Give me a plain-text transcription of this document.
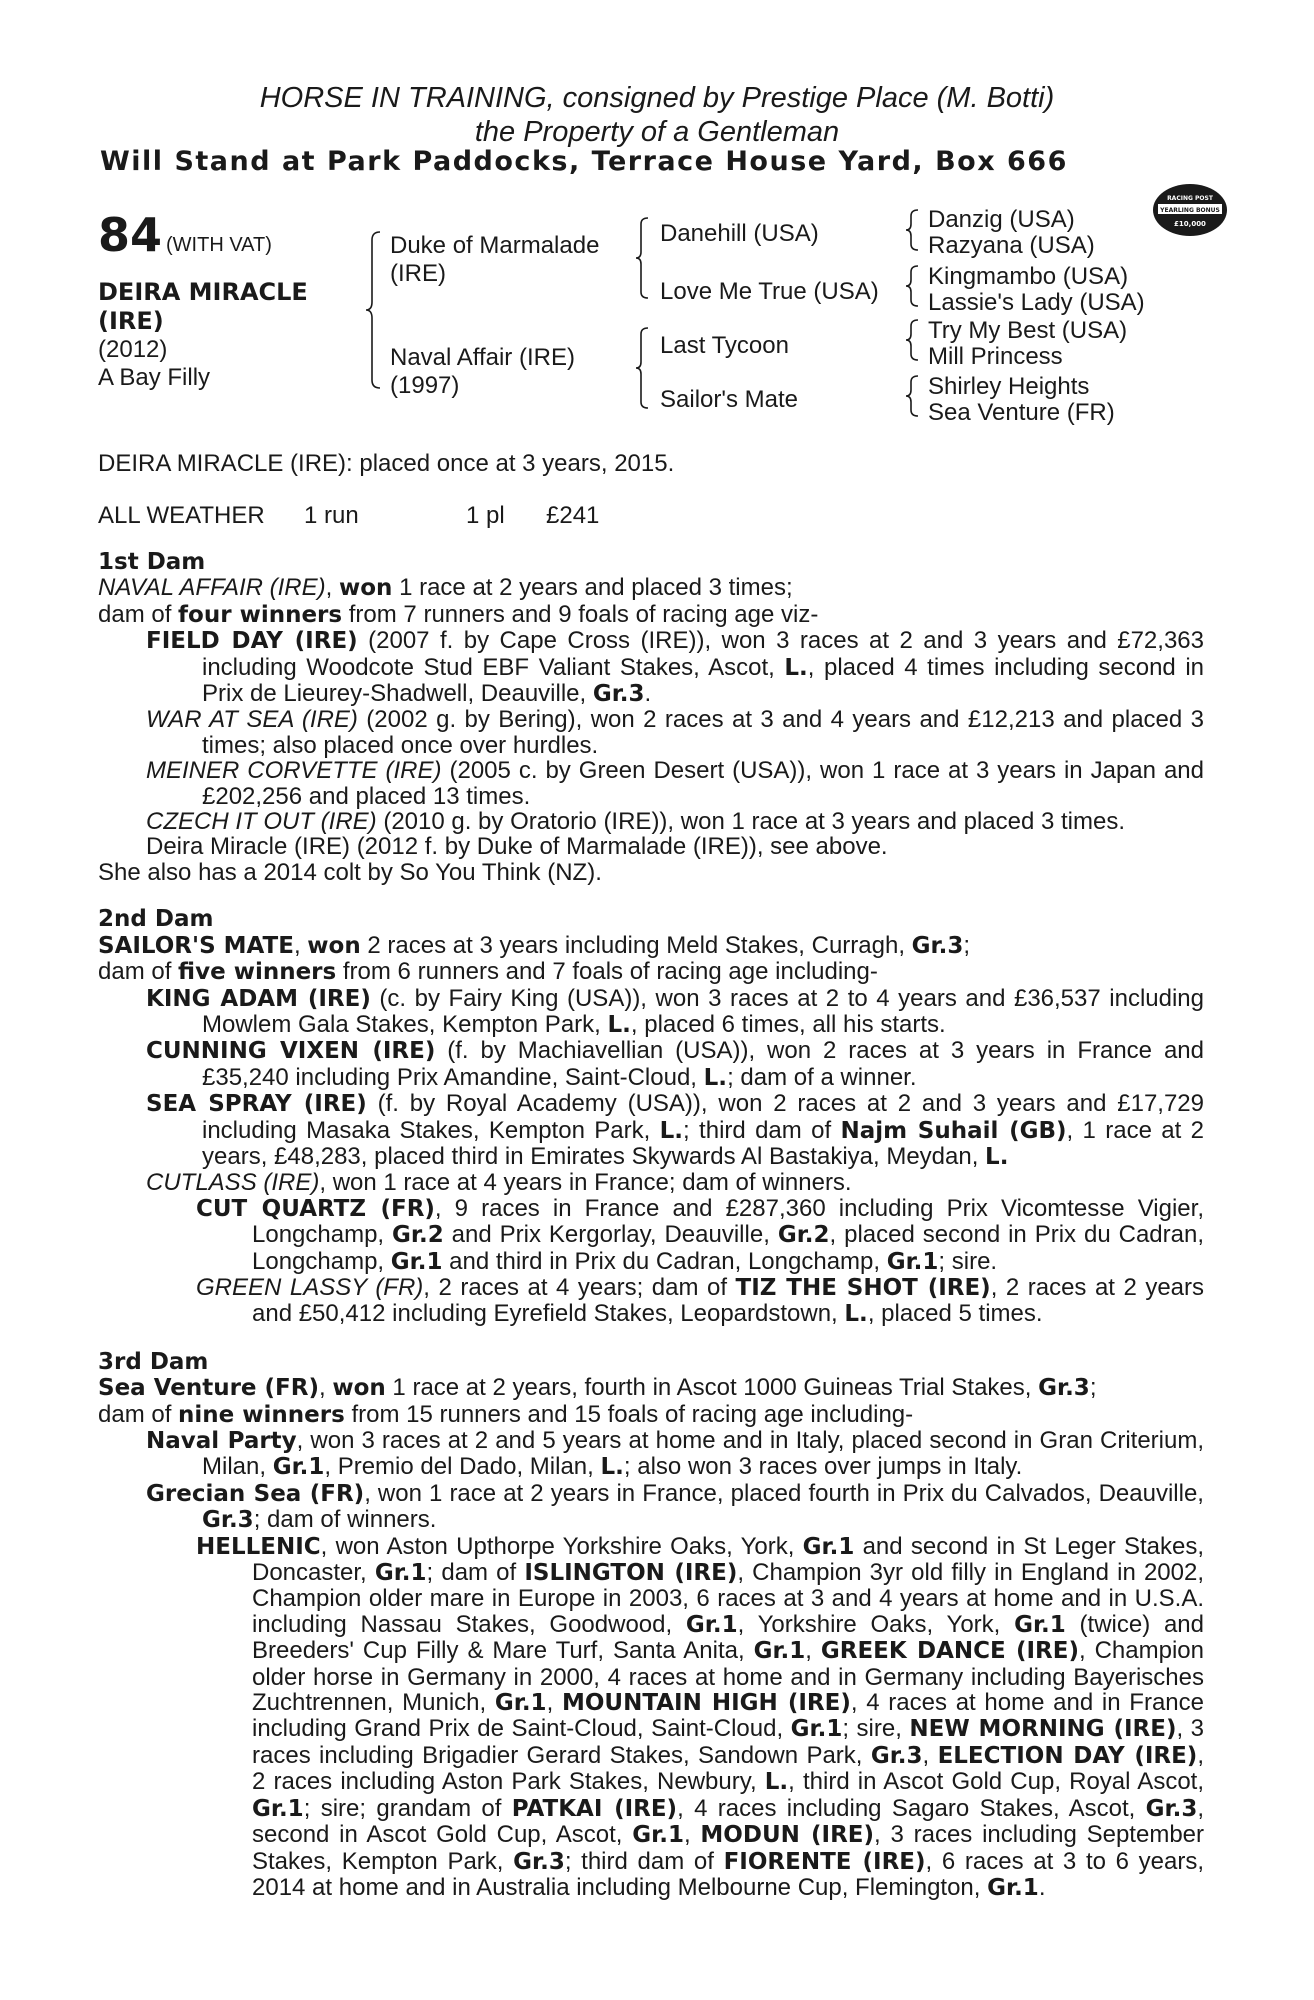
HORSE IN TRAINING, consigned by Prestige Place (M. Botti)
the Property of a Gentleman
Will Stand at Park Paddocks, Terrace House Yard, Box 666
RACING POST
YEARLING BONUS
£10,000
84 (WITH VAT)
DEIRA MIRACLE
(IRE)
(2012)
A Bay Filly
Duke of Marmalade
(IRE)
Naval Affair (IRE)
(1997)
Danehill (USA)
Love Me True (USA)
Last Tycoon
Sailor's Mate
Danzig (USA)
Razyana (USA)
Kingmambo (USA)
Lassie's Lady (USA)
Try My Best (USA)
Mill Princess
Shirley Heights
Sea Venture (FR)
DEIRA MIRACLE (IRE): placed once at 3 years, 2015.
ALL WEATHER 1 run	1 pl £241

1st Dam

NAVAL AFFAIR (IRE), won 1 race at 2 years and placed 3 times;

dam of four winners from 7 runners and 9 foals of racing age viz-

FIELD DAY (IRE) (2007 f. by Cape Cross (IRE)), won 3 races at 2 and 3 years and £72,363 including Woodcote Stud EBF Valiant Stakes, Ascot, L., placed 4 times including second in Prix de Lieurey-Shadwell, Deauville, Gr.3.

WAR AT SEA (IRE) (2002 g. by Bering), won 2 races at 3 and 4 years and £12,213 and placed 3 times; also placed once over hurdles.

MEINER CORVETTE (IRE) (2005 c. by Green Desert (USA)), won 1 race at 3 years in Japan and £202,256 and placed 13 times.

CZECH IT OUT (IRE) (2010 g. by Oratorio (IRE)), won 1 race at 3 years and placed 3 times.

Deira Miracle (IRE) (2012 f. by Duke of Marmalade (IRE)), see above.

She also has a 2014 colt by So You Think (NZ).

2nd Dam

SAILOR'S MATE, won 2 races at 3 years including Meld Stakes, Curragh, Gr.3;

dam of five winners from 6 runners and 7 foals of racing age including-

KING ADAM (IRE) (c. by Fairy King (USA)), won 3 races at 2 to 4 years and £36,537 including Mowlem Gala Stakes, Kempton Park, L., placed 6 times, all his starts.

CUNNING VIXEN (IRE) (f. by Machiavellian (USA)), won 2 races at 3 years in France and £35,240 including Prix Amandine, Saint-Cloud, L.; dam of a winner.

SEA SPRAY (IRE) (f. by Royal Academy (USA)), won 2 races at 2 and 3 years and £17,729 including Masaka Stakes, Kempton Park, L.; third dam of Najm Suhail (GB), 1 race at 2 years, £48,283, placed third in Emirates Skywards Al Bastakiya, Meydan, L.

CUTLASS (IRE), won 1 race at 4 years in France; dam of winners.

CUT QUARTZ (FR), 9 races in France and £287,360 including Prix Vicomtesse Vigier, Longchamp, Gr.2 and Prix Kergorlay, Deauville, Gr.2, placed second in Prix du Cadran, Longchamp, Gr.1 and third in Prix du Cadran, Longchamp, Gr.1; sire.

GREEN LASSY (FR), 2 races at 4 years; dam of TIZ THE SHOT (IRE), 2 races at 2 years and £50,412 including Eyrefield Stakes, Leopardstown, L., placed 5 times.

3rd Dam

Sea Venture (FR), won 1 race at 2 years, fourth in Ascot 1000 Guineas Trial Stakes, Gr.3;

dam of nine winners from 15 runners and 15 foals of racing age including-

Naval Party, won 3 races at 2 and 5 years at home and in Italy, placed second in Gran Criterium, Milan, Gr.1, Premio del Dado, Milan, L.; also won 3 races over jumps in Italy.

Grecian Sea (FR), won 1 race at 2 years in France, placed fourth in Prix du Calvados, Deauville, Gr.3; dam of winners.

HELLENIC, won Aston Upthorpe Yorkshire Oaks, York, Gr.1 and second in St Leger Stakes, Doncaster, Gr.1; dam of ISLINGTON (IRE), Champion 3yr old filly in England in 2002, Champion older mare in Europe in 2003, 6 races at 3 and 4 years at home and in U.S.A. including Nassau Stakes, Goodwood, Gr.1, Yorkshire Oaks, York, Gr.1 (twice) and Breeders' Cup Filly & Mare Turf, Santa Anita, Gr.1, GREEK DANCE (IRE), Champion older horse in Germany in 2000, 4 races at home and in Germany including Bayerisches Zuchtrennen, Munich, Gr.1, MOUNTAIN HIGH (IRE), 4 races at home and in France including Grand Prix de Saint-Cloud, Saint-Cloud, Gr.1; sire, NEW MORNING (IRE), 3 races including Brigadier Gerard Stakes, Sandown Park, Gr.3, ELECTION DAY (IRE), 2 races including Aston Park Stakes, Newbury, L., third in Ascot Gold Cup, Royal Ascot, Gr.1; sire; grandam of PATKAI (IRE), 4 races including Sagaro Stakes, Ascot, Gr.3, second in Ascot Gold Cup, Ascot, Gr.1, MODUN (IRE), 3 races including September Stakes, Kempton Park, Gr.3; third dam of FIORENTE (IRE), 6 races at 3 to 6 years, 2014 at home and in Australia including Melbourne Cup, Flemington, Gr.1.
